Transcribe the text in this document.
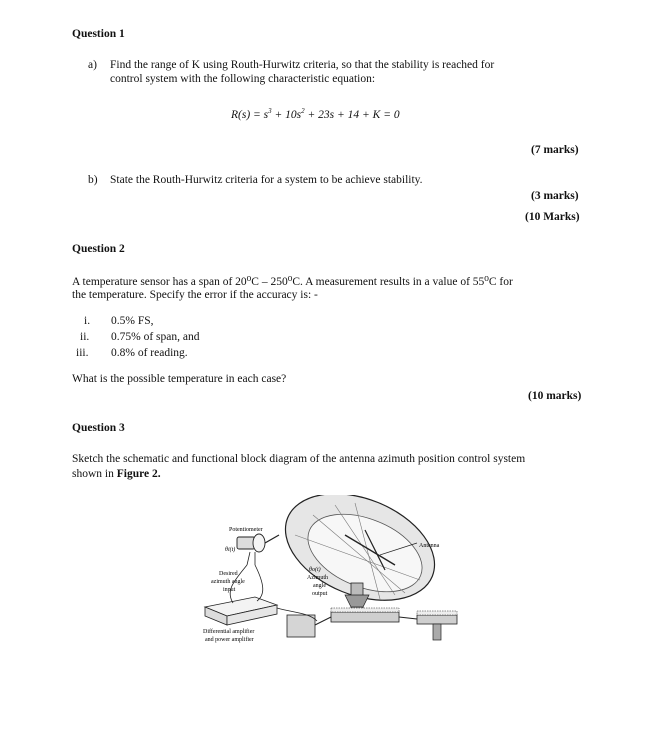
Question 1
a) Find the range of K using Routh-Hurwitz criteria, so that the stability is reached for
control system with the following characteristic equation:
$R(s) = s^3 + 10s^2 + 23s + 14 + K = 0$
(7 marks)
b) State the Routh-Hurwitz criteria for a system to be achieve stability.
(3 marks)
(10 Marks)
Question 2
A temperature sensor has a span of 20⁰C – 250⁰C. A measurement results in a value of 55⁰C for
the temperature. Specify the error if the accuracy is: -
i. 0.5% FS,
ii. 0.75% of span, and
iii. 0.8% of reading.
What is the possible temperature in each case?
(10 marks)
Question 3
Sketch the schematic and functional block diagram of the antenna azimuth position control system
shown in Figure 2.
Potentiometer
θi(t)
Desired
azimuth angle
input
θo(t)
Azimuth
angle
output
Antenna
Differential amplifier
and power amplifier
